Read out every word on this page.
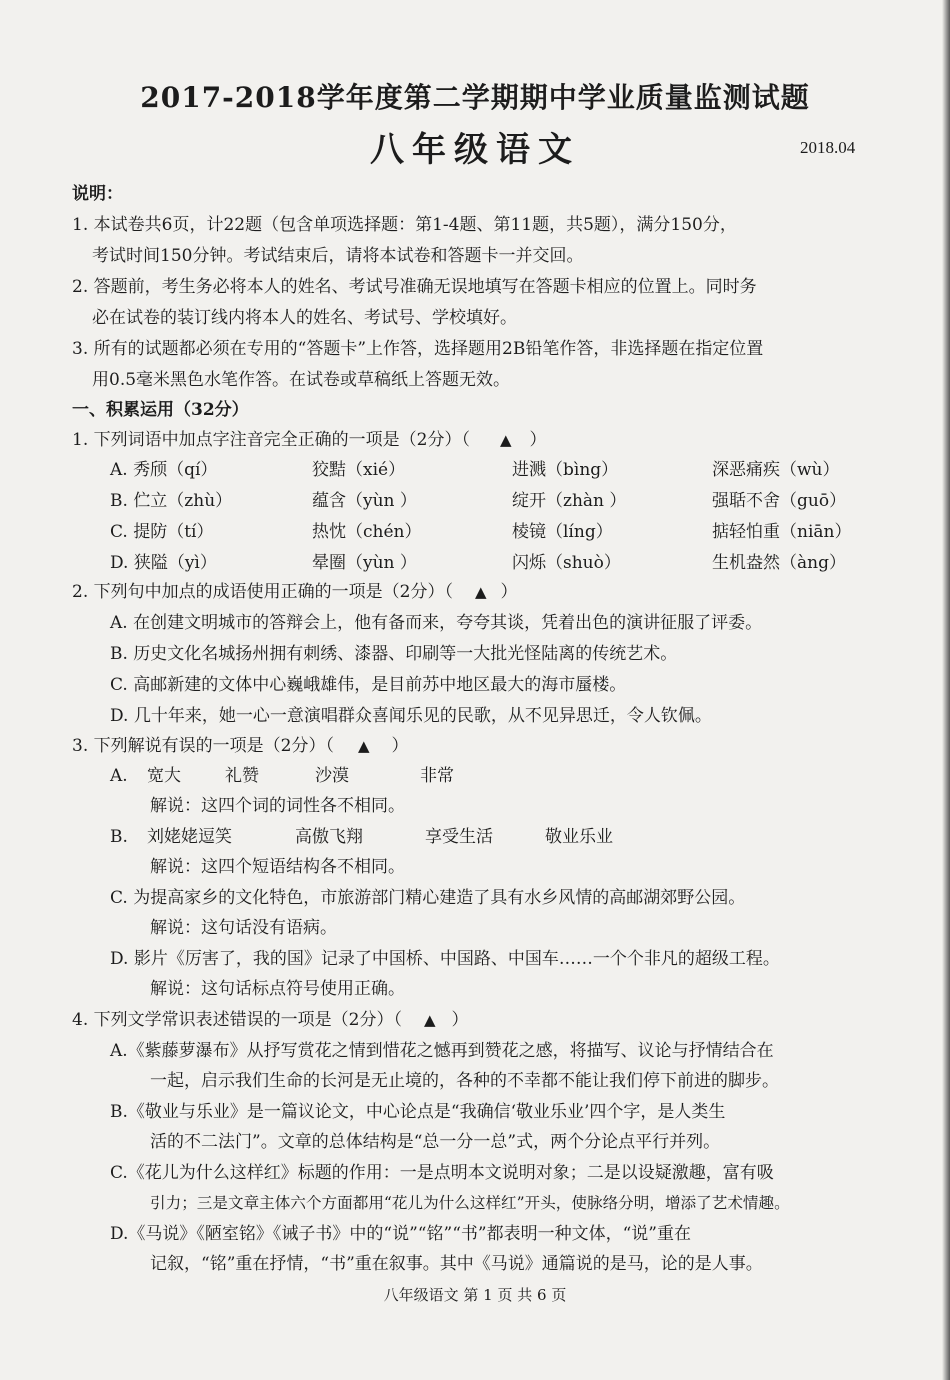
2017-2018学年度第二学期期中学业质量监测试题
八年级语文	2018.04
说明：
1. 本试卷共6页，计22题（包含单项选择题：第1-4题、第11题，共5题），满分150分，
考试时间150分钟。考试结束后，请将本试卷和答题卡一并交回。
2. 答题前，考生务必将本人的姓名、考试号准确无误地填写在答题卡相应的位置上。同时务
必在试卷的装订线内将本人的姓名、考试号、学校填好。
3. 所有的试题都必须在专用的“答题卡”上作答，选择题用2B铅笔作答，非选择题在指定位置
用0.5毫米黑色水笔作答。在试卷或草稿纸上答题无效。
一、积累运用（32分）
1. 下列词语中加点字注音完全正确的一项是（2分）（ ▲ ）
A. 秀颀（qí）	狡黠（xié）	进溅（bìng）	深恶痛疾（wù）
B. 伫立（zhù）	蕴含（yùn ）	绽开（zhàn ）	强聒不舍（guō）
C. 提防（tí）	热忱（chén）	棱镜（líng）	掂轻怕重（niān）
D. 狭隘（yì）	晕圈（yùn ）	闪烁（shuò）	生机盎然（àng）
2. 下列句中加点的成语使用正确的一项是（2分）（ ▲ ）
A. 在创建文明城市的答辩会上，他有备而来，夸夸其谈，凭着出色的演讲征服了评委。
B. 历史文化名城扬州拥有刺绣、漆器、印刷等一大批光怪陆离的传统艺术。
C. 高邮新建的文体中心巍峨雄伟，是目前苏中地区最大的海市蜃楼。
D. 几十年来，她一心一意演唱群众喜闻乐见的民歌，从不见异思迁，令人钦佩。
3. 下列解说有误的一项是（2分）（ ▲ ）
A. 宽大	礼赞	沙漠	非常
解说：这四个词的词性各不相同。
B. 刘姥姥逗笑	高傲飞翔	享受生活	敬业乐业
解说：这四个短语结构各不相同。
C. 为提高家乡的文化特色，市旅游部门精心建造了具有水乡风情的高邮湖郊野公园。
解说：这句话没有语病。
D. 影片《厉害了，我的国》记录了中国桥、中国路、中国车……一个个非凡的超级工程。
解说：这句话标点符号使用正确。
4. 下列文学常识表述错误的一项是（2分）（ ▲ ）
A.《紫藤萝瀑布》从抒写赏花之情到惜花之憾再到赞花之感，将描写、议论与抒情结合在
一起，启示我们生命的长河是无止境的，各种的不幸都不能让我们停下前进的脚步。
B.《敬业与乐业》是一篇议论文，中心论点是“我确信‘敬业乐业’四个字，是人类生
活的不二法门”。文章的总体结构是“总一分一总”式，两个分论点平行并列。
C.《花儿为什么这样红》标题的作用：一是点明本文说明对象；二是以设疑激趣，富有吸
引力；三是文章主体六个方面都用“花儿为什么这样红”开头，使脉络分明，增添了艺术情趣。
D.《马说》《陋室铭》《诫子书》中的“说”“铭”“书”都表明一种文体，“说”重在
记叙，“铭”重在抒情，“书”重在叙事。其中《马说》通篇说的是马，论的是人事。
八年级语文 第 1 页 共 6 页
